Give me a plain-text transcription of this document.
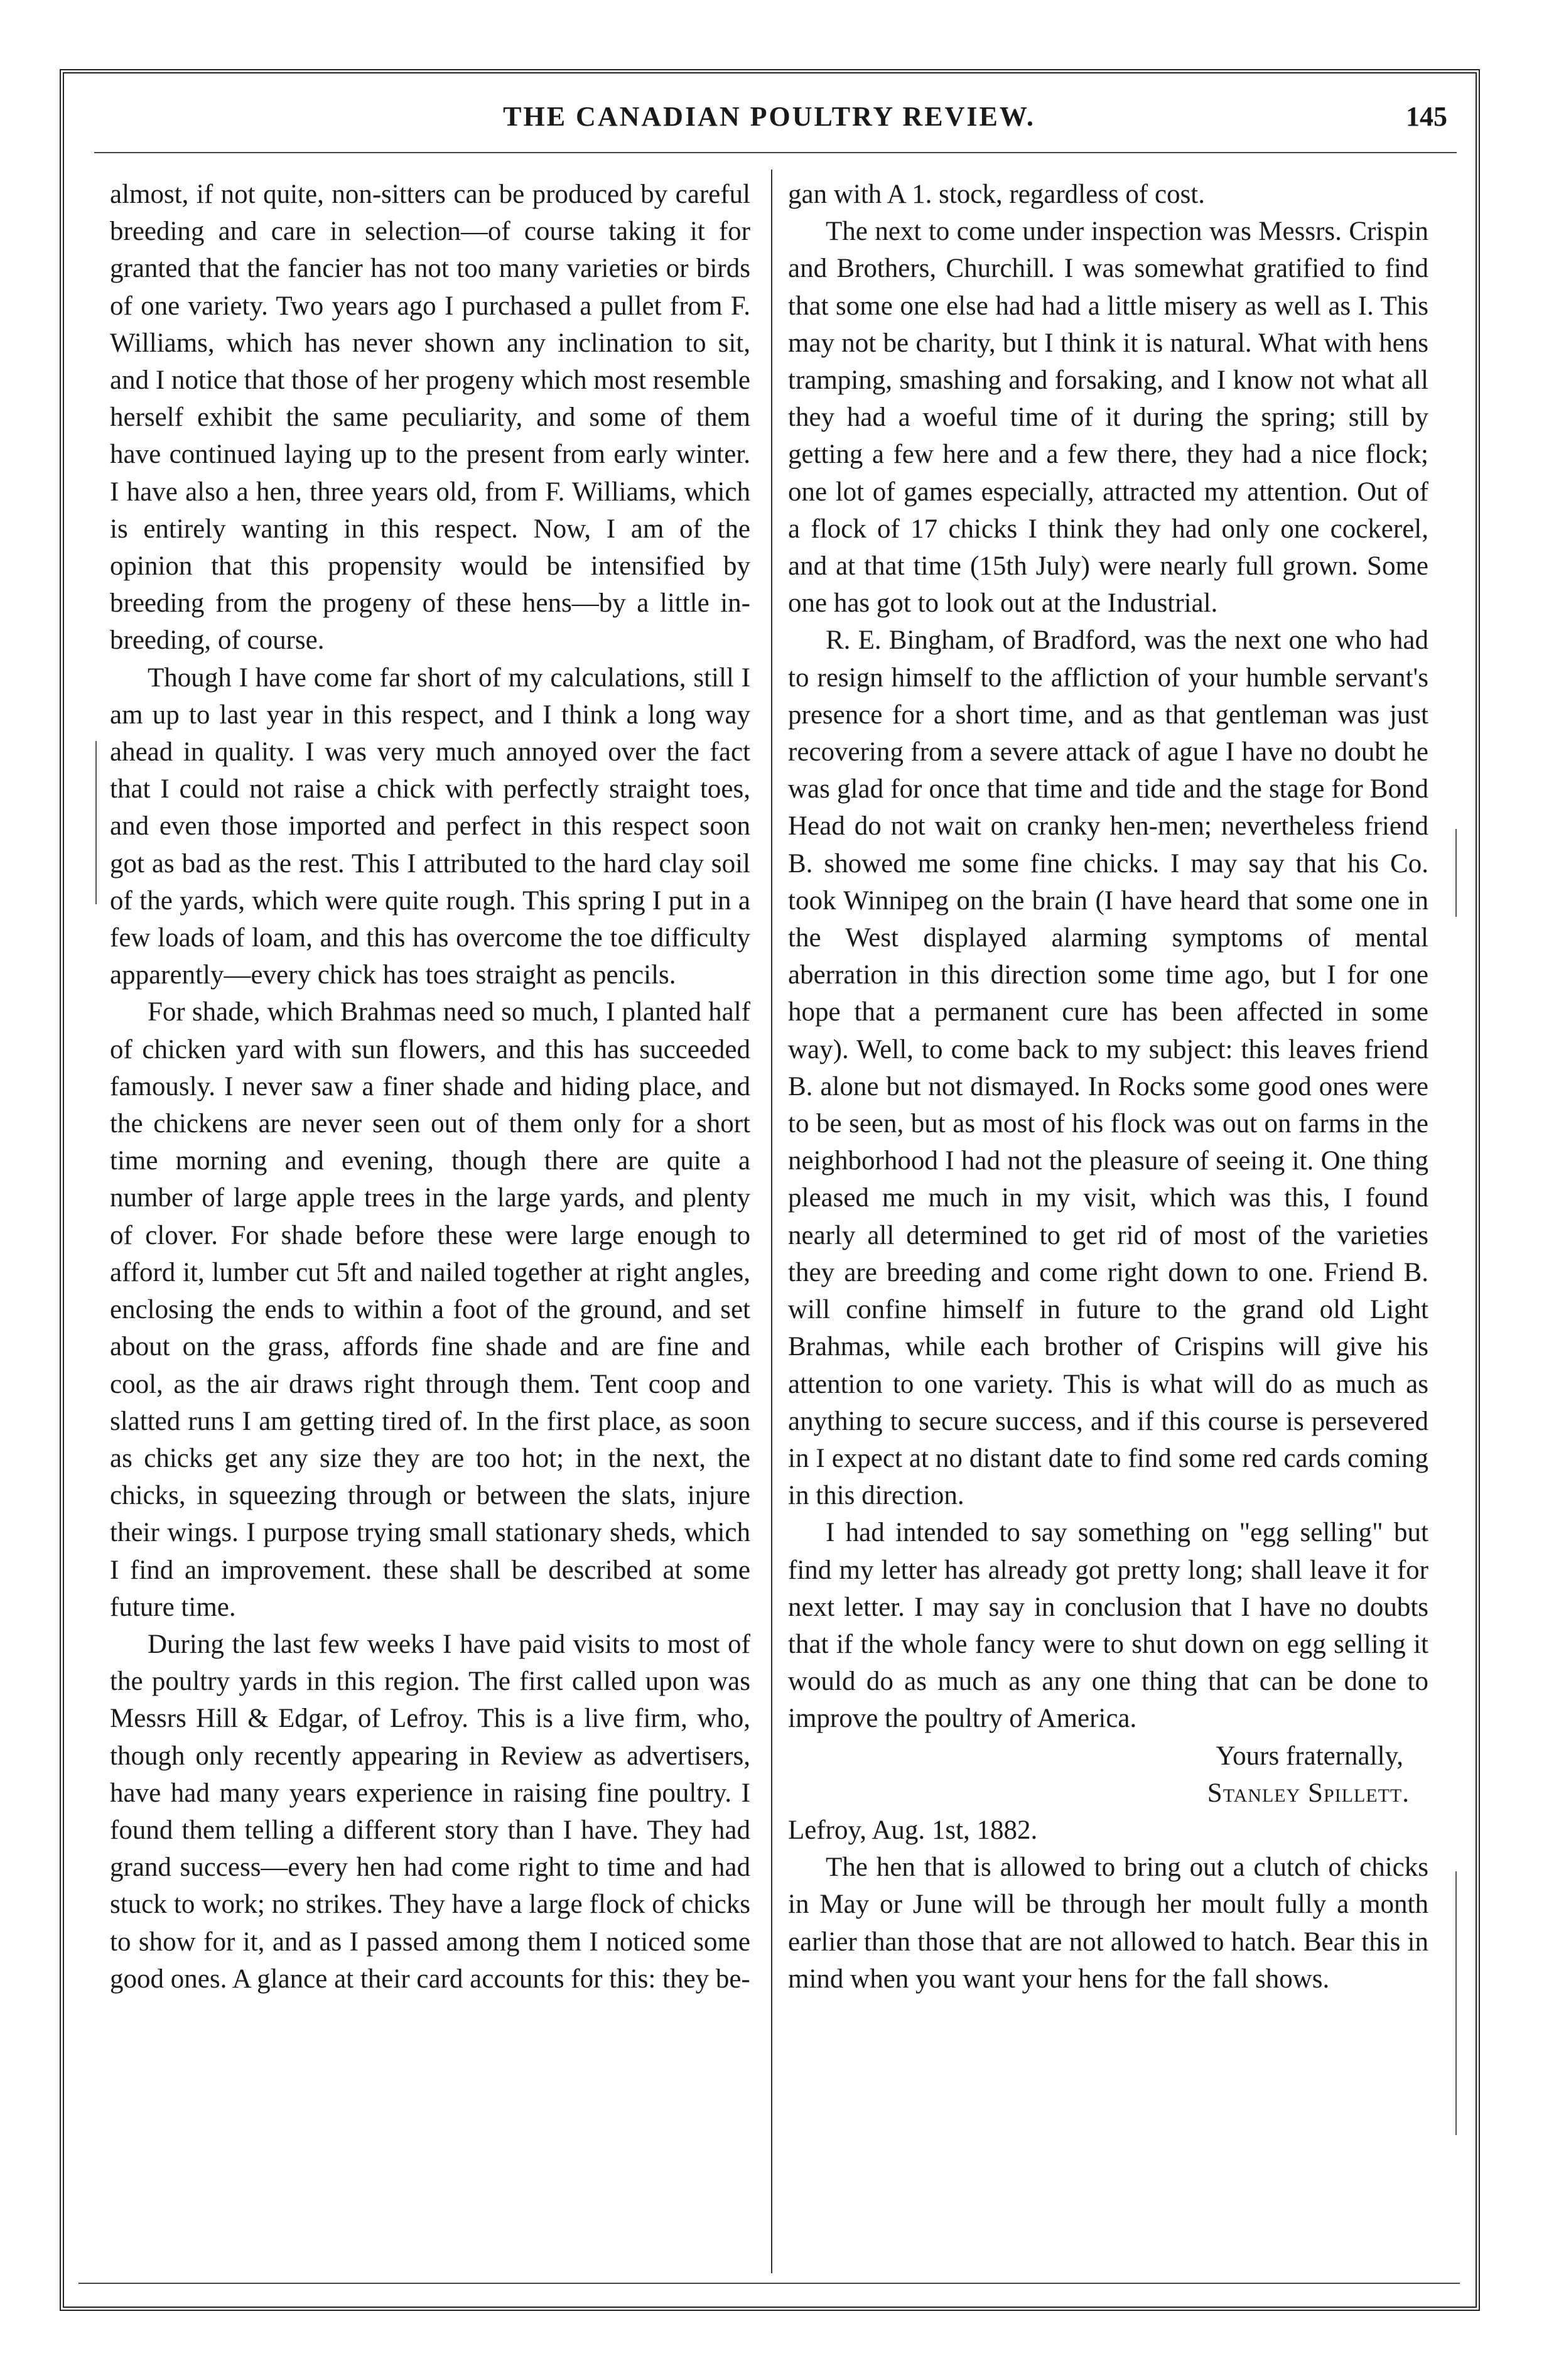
THE CANADIAN POULTRY REVIEW.	145

almost, if not quite, non-sitters can be produced by careful breeding and care in selection—of course taking it for granted that the fancier has not too many varieties or birds of one variety. Two years ago I purchased a pullet from F. Williams, which has never shown any inclination to sit, and I notice that those of her progeny which most resemble herself exhibit the same peculiarity, and some of them have continued laying up to the present from early winter. I have also a hen, three years old, from F. Williams, which is entirely wanting in this respect. Now, I am of the opinion that this propensity would be intensified by breeding from the progeny of these hens—by a little in-breeding, of course.

Though I have come far short of my calculations, still I am up to last year in this respect, and I think a long way ahead in quality. I was very much annoyed over the fact that I could not raise a chick with perfectly straight toes, and even those imported and perfect in this respect soon got as bad as the rest. This I attributed to the hard clay soil of the yards, which were quite rough. This spring I put in a few loads of loam, and this has overcome the toe difficulty apparently—every chick has toes straight as pencils.

For shade, which Brahmas need so much, I planted half of chicken yard with sun flowers, and this has succeeded famously. I never saw a finer shade and hiding place, and the chickens are never seen out of them only for a short time morning and evening, though there are quite a number of large apple trees in the large yards, and plenty of clover. For shade before these were large enough to afford it, lumber cut 5ft and nailed together at right angles, enclosing the ends to within a foot of the ground, and set about on the grass, affords fine shade and are fine and cool, as the air draws right through them. Tent coop and slatted runs I am getting tired of. In the first place, as soon as chicks get any size they are too hot; in the next, the chicks, in squeezing through or between the slats, injure their wings. I purpose trying small stationary sheds, which I find an improvement. these shall be described at some future time.

During the last few weeks I have paid visits to most of the poultry yards in this region. The first called upon was Messrs Hill & Edgar, of Lefroy. This is a live firm, who, though only recently appearing in Review as advertisers, have had many years experience in raising fine poultry. I found them telling a different story than I have. They had grand success—every hen had come right to time and had stuck to work; no strikes. They have a large flock of chicks to show for it, and as I passed among them I noticed some good ones. A glance at their card accounts for this: they be-

gan with A 1. stock, regardless of cost.

The next to come under inspection was Messrs. Crispin and Brothers, Churchill. I was somewhat gratified to find that some one else had had a little misery as well as I. This may not be charity, but I think it is natural. What with hens tramping, smashing and forsaking, and I know not what all they had a woeful time of it during the spring; still by getting a few here and a few there, they had a nice flock; one lot of games especially, attracted my attention. Out of a flock of 17 chicks I think they had only one cockerel, and at that time (15th July) were nearly full grown. Some one has got to look out at the Industrial.

R. E. Bingham, of Bradford, was the next one who had to resign himself to the affliction of your humble servant's presence for a short time, and as that gentleman was just recovering from a severe attack of ague I have no doubt he was glad for once that time and tide and the stage for Bond Head do not wait on cranky hen-men; nevertheless friend B. showed me some fine chicks. I may say that his Co. took Winnipeg on the brain (I have heard that some one in the West displayed alarming symptoms of mental aberration in this direction some time ago, but I for one hope that a permanent cure has been affected in some way). Well, to come back to my subject: this leaves friend B. alone but not dismayed. In Rocks some good ones were to be seen, but as most of his flock was out on farms in the neighborhood I had not the pleasure of seeing it. One thing pleased me much in my visit, which was this, I found nearly all determined to get rid of most of the varieties they are breeding and come right down to one. Friend B. will confine himself in future to the grand old Light Brahmas, while each brother of Crispins will give his attention to one variety. This is what will do as much as anything to secure success, and if this course is persevered in I expect at no distant date to find some red cards coming in this direction.

I had intended to say something on "egg selling" but find my letter has already got pretty long; shall leave it for next letter. I may say in conclusion that I have no doubts that if the whole fancy were to shut down on egg selling it would do as much as any one thing that can be done to improve the poultry of America.

Yours fraternally,

Stanley Spillett.

Lefroy, Aug. 1st, 1882.

The hen that is allowed to bring out a clutch of chicks in May or June will be through her moult fully a month earlier than those that are not allowed to hatch. Bear this in mind when you want your hens for the fall shows.
